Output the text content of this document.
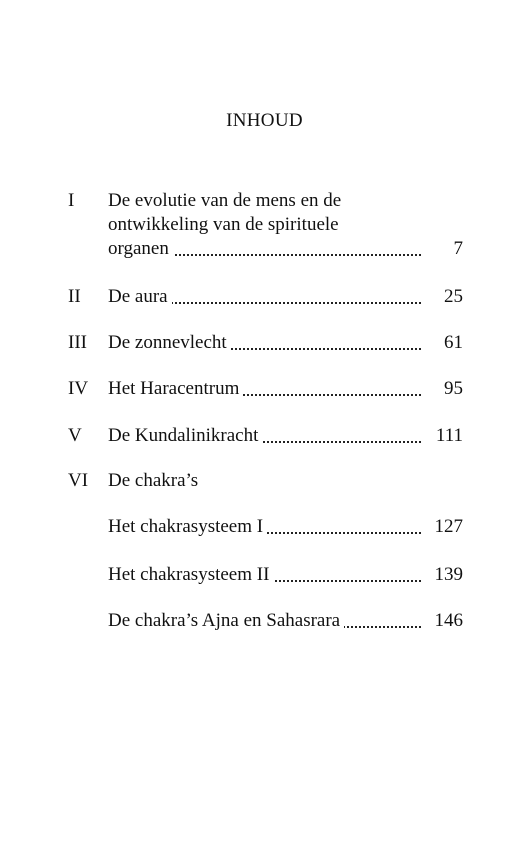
INHOUD
I De evolutie van de mens en de
ontwikkeling van de spirituele
organen	7
II De aura	25
III De zonnevlecht	61
IV Het Haracentrum	95
V De Kundalinikracht	111
VI De chakra’s
Het chakrasysteem I	127
Het chakrasysteem II	139
De chakra’s Ajna en Sahasrara	146
